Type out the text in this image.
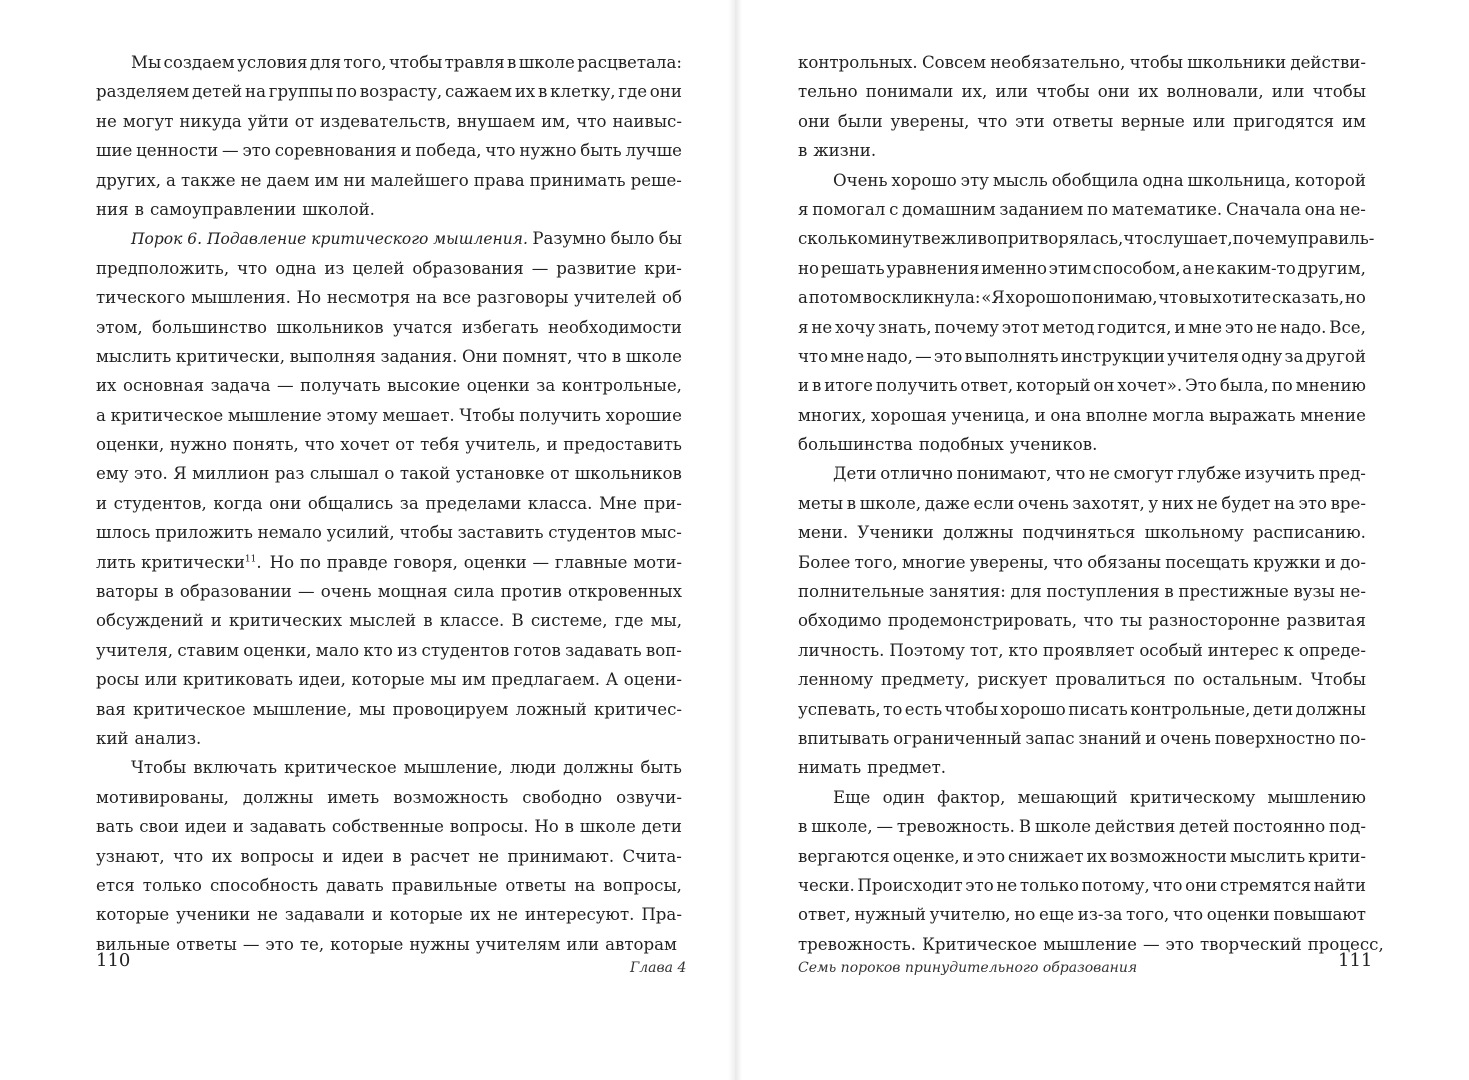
Мы создаем условия для того, чтобы травля в школе расцветала:
разделяем детей на группы по возрасту, сажаем их в клетку, где они
не могут никуда уйти от издевательств, внушаем им, что наивыс-
шие ценности — это соревнования и победа, что нужно быть лучше
других, а также не даем им ни малейшего права принимать реше-
ния в самоуправлении школой.
Порок 6. Подавление критического мышления. Разумно было бы
предположить, что одна из целей образования — развитие кри-
тического мышления. Но несмотря на все разговоры учителей об
этом, большинство школьников учатся избегать необходимости
мыслить критически, выполняя задания. Они помнят, что в школе
их основная задача — получать высокие оценки за контрольные,
а критическое мышление этому мешает. Чтобы получить хорошие
оценки, нужно понять, что хочет от тебя учитель, и предоставить
ему это. Я миллион раз слышал о такой установке от школьников
и студентов, когда они общались за пределами класса. Мне при-
шлось приложить немало усилий, чтобы заставить студентов мыс-
лить критически$^{11}$. Но по правде говоря, оценки — главные моти-
ваторы в образовании — очень мощная сила против откровенных
обсуждений и критических мыслей в классе. В системе, где мы,
учителя, ставим оценки, мало кто из студентов готов задавать воп-
росы или критиковать идеи, которые мы им предлагаем. А оцени-
вая критическое мышление, мы провоцируем ложный критичес-
кий анализ.
Чтобы включать критическое мышление, люди должны быть
мотивированы, должны иметь возможность свободно озвучи-
вать свои идеи и задавать собственные вопросы. Но в школе дети
узнают, что их вопросы и идеи в расчет не принимают. Счита-
ется только способность давать правильные ответы на вопросы,
которые ученики не задавали и которые их не интересуют. Пра-
вильные ответы — это те, которые нужны учителям или авторам
контрольных. Совсем необязательно, чтобы школьники действи-
тельно понимали их, или чтобы они их волновали, или чтобы
они были уверены, что эти ответы верные или пригодятся им
в жизни.
Очень хорошо эту мысль обобщила одна школьница, которой
я помогал с домашним заданием по математике. Сначала она не-
сколько минут вежливо притворялась, что слушает, почему правиль-
но решать уравнения именно этим способом, а не каким-то другим,
а потом воскликнула: «Я хорошо понимаю, что вы хотите сказать, но
я не хочу знать, почему этот метод годится, и мне это не надо. Все,
что мне надо, — это выполнять инструкции учителя одну за другой
и в итоге получить ответ, который он хочет». Это была, по мнению
многих, хорошая ученица, и она вполне могла выражать мнение
большинства подобных учеников.
Дети отлично понимают, что не смогут глубже изучить пред-
меты в школе, даже если очень захотят, у них не будет на это вре-
мени. Ученики должны подчиняться школьному расписанию.
Более того, многие уверены, что обязаны посещать кружки и до-
полнительные занятия: для поступления в престижные вузы не-
обходимо продемонстрировать, что ты разносторонне развитая
личность. Поэтому тот, кто проявляет особый интерес к опреде-
ленному предмету, рискует провалиться по остальным. Чтобы
успевать, то есть чтобы хорошо писать контрольные, дети должны
впитывать ограниченный запас знаний и очень поверхностно по-
нимать предмет.
Еще один фактор, мешающий критическому мышлению
в школе, — тревожность. В школе действия детей постоянно под-
вергаются оценке, и это снижает их возможности мыслить крити-
чески. Происходит это не только потому, что они стремятся найти
ответ, нужный учителю, но еще из-за того, что оценки повышают
тревожность. Критическое мышление — это творческий процесс,
110	Глава 4	Семь пороков принудительного образования	111
